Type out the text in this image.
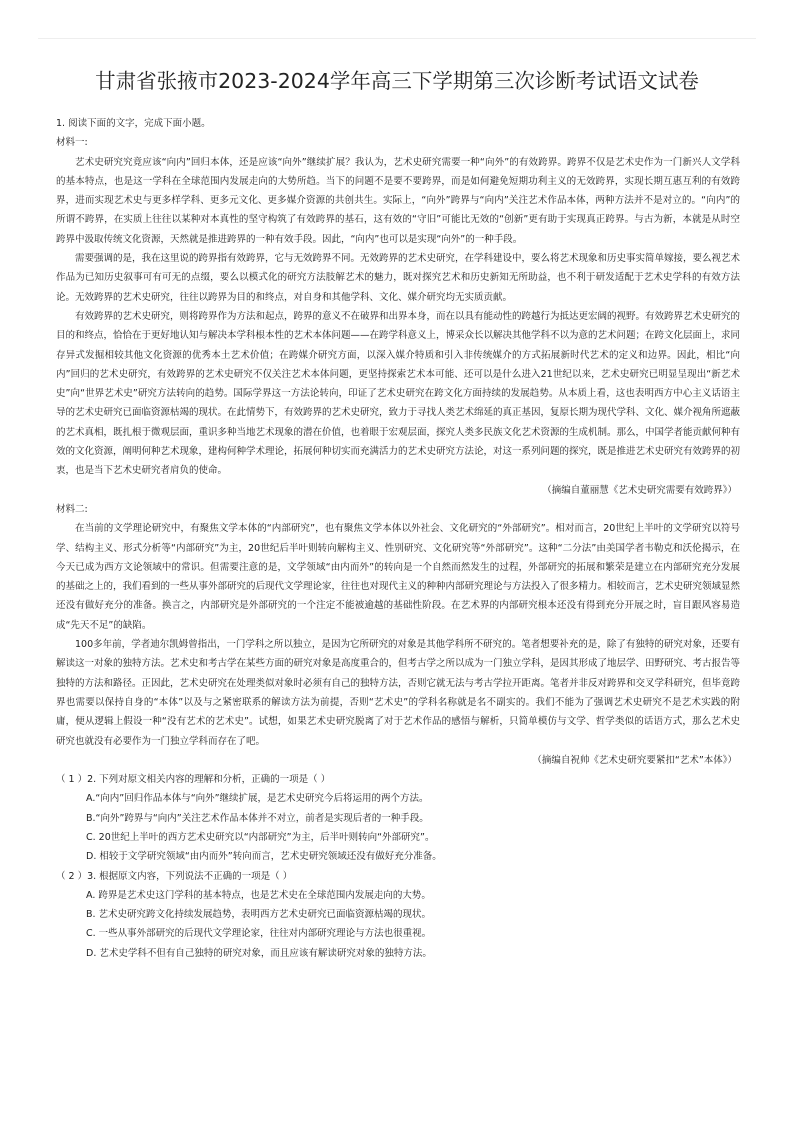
甘肃省张掖市2023-2024学年高三下学期第三次诊断考试语文试卷

1. 阅读下面的文字，完成下面小题。

材料一:

艺术史研究究竟应该“向内”回归本体，还是应该“向外”继续扩展？我认为，艺术史研究需要一种“向外”的有效跨界。跨界不仅是艺术史作为一门新兴人文学科的基本特点，也是这一学科在全球范围内发展走向的大势所趋。当下的问题不是要不要跨界，而是如何避免短期功利主义的无效跨界，实现长期互惠互利的有效跨界，进而实现艺术史与更多样学科、更多元文化、更多媒介资源的共创共生。实际上，“向外”跨界与“向内”关注艺术作品本体，两种方法并不是对立的。“向内”的所谓不跨界，在实质上往往以某种对本真性的坚守构筑了有效跨界的基石，这有效的“守旧”可能比无效的“创新”更有助于实现真正跨界。与古为新，本就是从时空跨界中汲取传统文化资源，天然就是推进跨界的一种有效手段。因此，“向内”也可以是实现“向外”的一种手段。

需要强调的是，我在这里说的跨界指有效跨界，它与无效跨界不同。无效跨界的艺术史研究，在学科建设中，要么将艺术现象和历史事实简单嫁接，要么视艺术作品为已知历史叙事可有可无的点缀，要么以模式化的研究方法肢解艺术的魅力，既对探究艺术和历史新知无所助益，也不利于研发适配于艺术史学科的有效方法论。无效跨界的艺术史研究，往往以跨界为目的和终点，对自身和其他学科、文化、媒介研究均无实质贡献。

有效跨界的艺术史研究，则将跨界作为方法和起点，跨界的意义不在破界和出界本身，而在以具有能动性的跨越行为抵达更宏阔的视野。有效跨界艺术史研究的目的和终点，恰恰在于更好地认知与解决本学科根本性的艺术本体问题——在跨学科意义上，博采众长以解决其他学科不以为意的艺术问题；在跨文化层面上，求同存异式发掘相较其他文化资源的优秀本土艺术价值；在跨媒介研究方面，以深入媒介特质和引入非传统媒介的方式拓展新时代艺术的定义和边界。因此，相比“向内”回归的艺术史研究，有效跨界的艺术史研究不仅关注艺术本体问题，更坚持探索艺术本可能、还可以是什么进入21世纪以来，艺术史研究已明显呈现出“新艺术史”向“世界艺术史”研究方法转向的趋势。国际学界这一方法论转向，印证了艺术史研究在跨文化方面持续的发展趋势。从本质上看，这也表明西方中心主义话语主导的艺术史研究已面临资源枯竭的现状。在此情势下，有效跨界的艺术史研究，致力于寻找人类艺术绵延的真正基因，复原长期为现代学科、文化、媒介视角所遮蔽的艺术真相，既扎根于微观层面，重识多种当地艺术现象的潜在价值，也着眼于宏观层面，探究人类多民族文化艺术资源的生成机制。那么，中国学者能贡献何种有效的文化资源，阐明何种艺术现象，建构何种学术理论，拓展何种切实而充满活力的艺术史研究方法论，对这一系列问题的探究，既是推进艺术史研究有效跨界的初衷，也是当下艺术史研究者肩负的使命。

（摘编自董丽慧《艺术史研究需要有效跨界》）

材料二:

在当前的文学理论研究中，有聚焦文学本体的“内部研究”，也有聚焦文学本体以外社会、文化研究的“外部研究”。相对而言，20世纪上半叶的文学研究以符号学、结构主义、形式分析等“内部研究”为主，20世纪后半叶则转向解构主义、性别研究、文化研究等“外部研究”。这种“二分法”由美国学者韦勒克和沃伦揭示，在今天已成为西方文论领域中的常识。但需要注意的是，文学领域“由内而外”的转向是一个自然而然发生的过程，外部研究的拓展和繁荣是建立在内部研究充分发展的基础之上的，我们看到的一些从事外部研究的后现代文学理论家，往往也对现代主义的种种内部研究理论与方法投入了很多精力。相较而言，艺术史研究领域显然还没有做好充分的准备。换言之，内部研究是外部研究的一个注定不能被逾越的基础性阶段。在艺术界的内部研究根本还没有得到充分开展之时，盲目跟风容易造成“先天不足”的缺陷。

100多年前，学者迪尔凯姆曾指出，一门学科之所以独立，是因为它所研究的对象是其他学科所不研究的。笔者想要补充的是，除了有独特的研究对象，还要有解读这一对象的独特方法。艺术史和考古学在某些方面的研究对象是高度重合的，但考古学之所以成为一门独立学科，是因其形成了地层学、田野研究、考古报告等独特的方法和路径。正因此，艺术史研究在处理类似对象时必须有自己的独特方法，否则它就无法与考古学拉开距离。笔者并非反对跨界和交叉学科研究，但毕竟跨界也需要以保持自身的“本体”以及与之紧密联系的解读方法为前提，否则“艺术史”的学科名称就是名不副实的。我们不能为了强调艺术史研究不是艺术实践的附庸，便从逻辑上假设一种“没有艺术的艺术史”。试想，如果艺术史研究脱离了对于艺术作品的感悟与解析，只简单模仿与文学、哲学类似的话语方式，那么艺术史研究也就没有必要作为一门独立学科而存在了吧。

（摘编自祝帅《艺术史研究要紧扣“艺术”本体》）

（ 1 ）2. 下列对原文相关内容的理解和分析，正确的一项是（ ）

A.“向内”回归作品本体与“向外”继续扩展，是艺术史研究今后将运用的两个方法。

B.“向外”跨界与“向内”关注艺术作品本体并不对立，前者是实现后者的一种手段。

C. 20世纪上半叶的西方艺术史研究以“内部研究”为主，后半叶则转向“外部研究”。

D. 相较于文学研究领域“由内而外”转向而言，艺术史研究领域还没有做好充分准备。

（ 2 ）3. 根据原文内容，下列说法不正确的一项是（ ）

A. 跨界是艺术史这门学科的基本特点，也是艺术史在全球范围内发展走向的大势。

B. 艺术史研究跨文化持续发展趋势，表明西方艺术史研究已面临资源枯竭的现状。

C. 一些从事外部研究的后现代文学理论家，往往对内部研究理论与方法也很重视。

D. 艺术史学科不但有自己独特的研究对象，而且应该有解读研究对象的独特方法。
